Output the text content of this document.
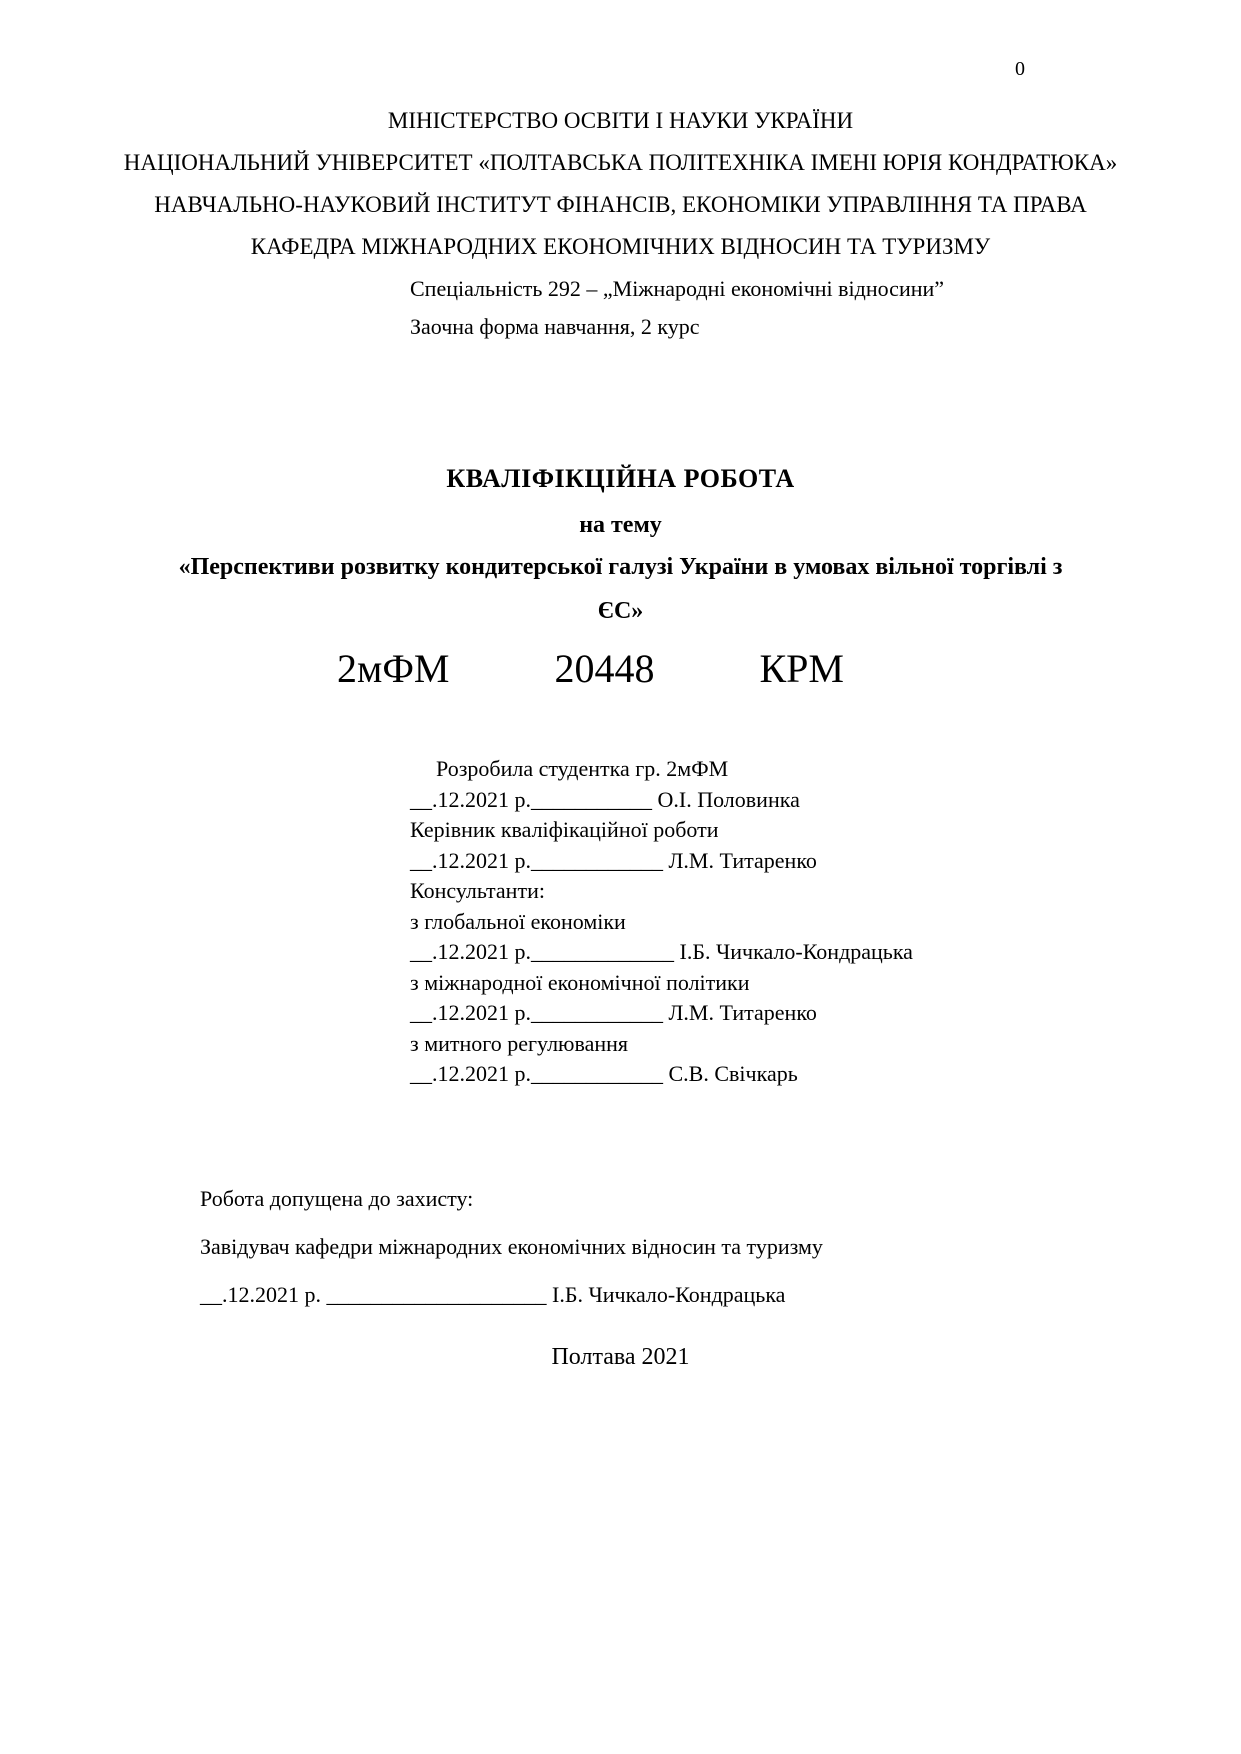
0
МІНІСТЕРСТВО ОСВІТИ І НАУКИ УКРАЇНИ
НАЦІОНАЛЬНИЙ УНІВЕРСИТЕТ «ПОЛТАВСЬКА ПОЛІТЕХНІКА ІМЕНІ ЮРІЯ КОНДРАТЮКА»
НАВЧАЛЬНО-НАУКОВИЙ ІНСТИТУТ ФІНАНСІВ, ЕКОНОМІКИ УПРАВЛІННЯ ТА ПРАВА
КАФЕДРА МІЖНАРОДНИХ ЕКОНОМІЧНИХ ВІДНОСИН ТА ТУРИЗМУ
Спеціальність 292 – „Міжнародні економічні відносини”
Заочна форма навчання, 2 курс
КВАЛІФІКЦІЙНА РОБОТА
на тему
«Перспективи розвитку кондитерської галузі України в умовах вільної торгівлі з ЄС»
2мФМ	20448	КРМ
Розробила студентка гр. 2мФМ
__.12.2021 р.___________ О.І. Половинка
Керівник кваліфікаційної роботи
__.12.2021 р.____________ Л.М. Титаренко
Консультанти:
з глобальної економіки
__.12.2021 р._____________ І.Б. Чичкало-Кондрацька
з міжнародної економічної політики
__.12.2021 р.____________ Л.М. Титаренко
з митного регулювання
__.12.2021 р.____________ С.В. Свічкарь
Робота допущена до захисту:
Завідувач кафедри міжнародних економічних відносин та туризму
__.12.2021 р. ____________________ І.Б. Чичкало-Кондрацька
Полтава 2021
